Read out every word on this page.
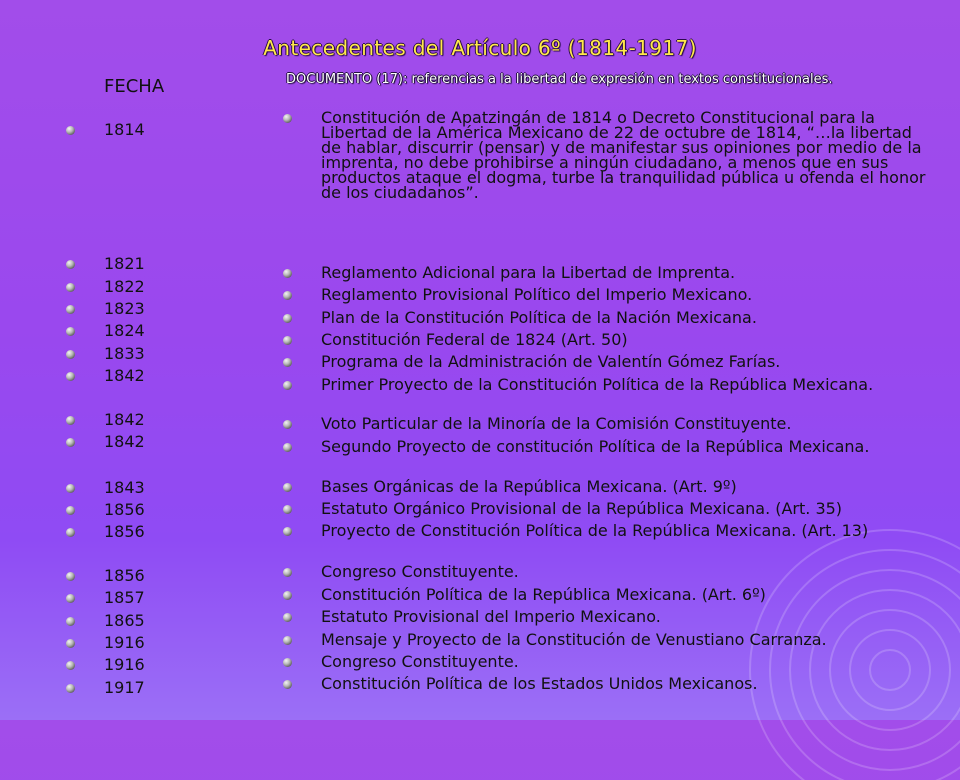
Antecedentes del Artículo 6º (1814-1917)
FECHA	DOCUMENTO (17): referencias a la libertad de expresión en textos constitucionales.
1814
1821
1822
1823
1824
1833
1842
1842
1842
1843
1856
1856
1856
1857
1865
1916
1916
1917
Constitución de Apatzingán de 1814 o Decreto Constitucional para la Libertad de la América Mexicano de 22 de octubre de 1814, “…la libertad de hablar, discurrir (pensar) y de manifestar sus opiniones por medio de la imprenta, no debe prohibirse a ningún ciudadano, a menos que en sus productos ataque el dogma, turbe la tranquilidad pública u ofenda el honor de los ciudadanos”.
Reglamento Adicional para la Libertad de Imprenta.
Reglamento Provisional Político del Imperio Mexicano.
Plan de la Constitución Política de la Nación Mexicana.
Constitución Federal de 1824 (Art. 50)
Programa de la Administración de Valentín Gómez Farías.
Primer Proyecto de la Constitución Política de la República Mexicana.
Voto Particular de la Minoría de la Comisión Constituyente.
Segundo Proyecto de constitución Política de la República Mexicana.
Bases Orgánicas de la República Mexicana. (Art. 9º)
Estatuto Orgánico Provisional de la República Mexicana. (Art. 35)
Proyecto de Constitución Política de la República Mexicana. (Art. 13)
Congreso Constituyente.
Constitución Política de la República Mexicana. (Art. 6º)
Estatuto Provisional del Imperio Mexicano.
Mensaje y Proyecto de la Constitución de Venustiano Carranza.
Congreso Constituyente.
Constitución Política de los Estados Unidos Mexicanos.
